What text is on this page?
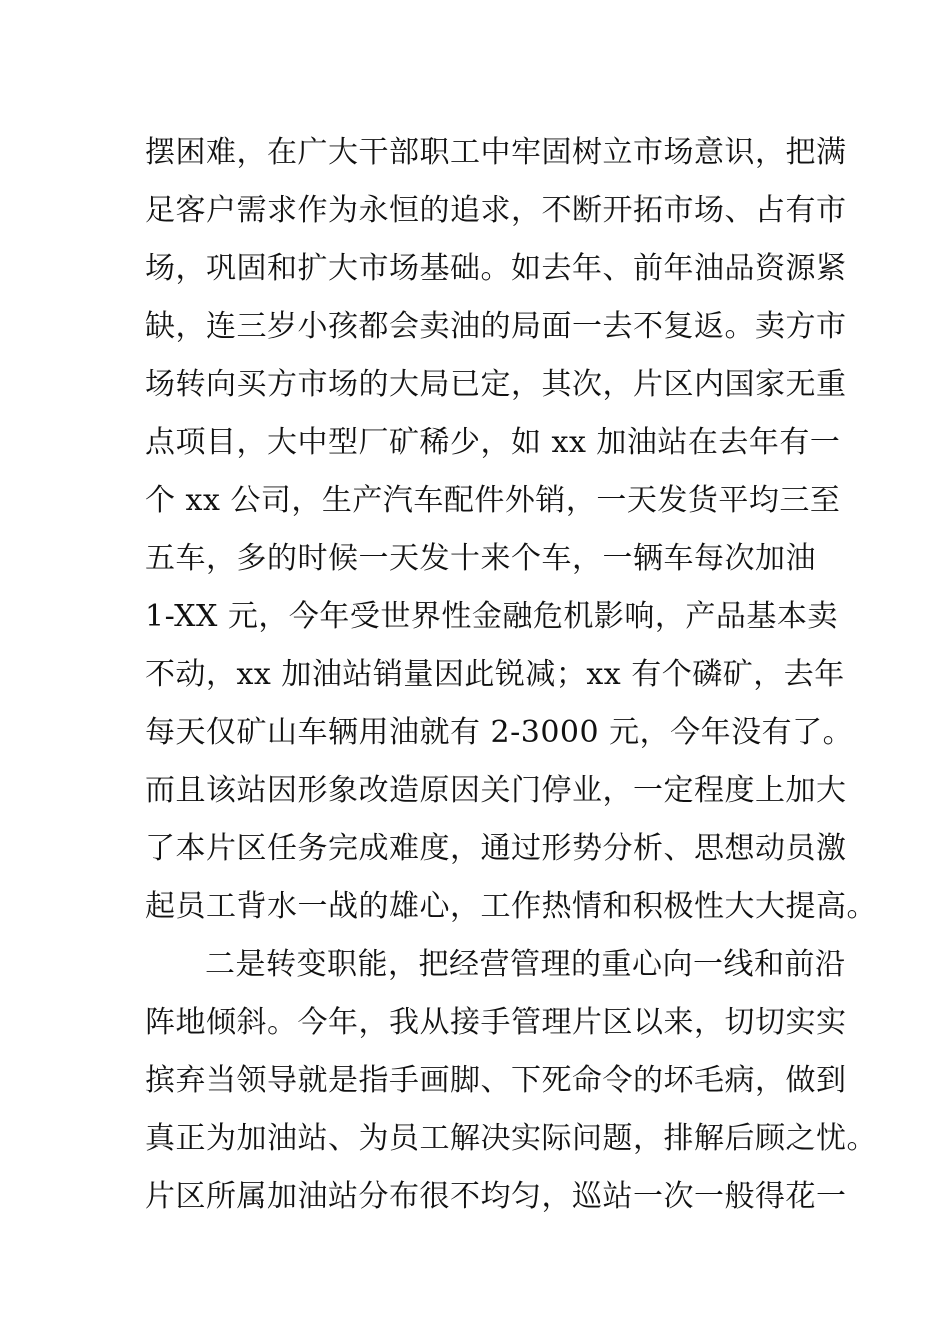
摆困难，在广大干部职工中牢固树立市场意识，把满
足客户需求作为永恒的追求，不断开拓市场、占有市
场，巩固和扩大市场基础。如去年、前年油品资源紧
缺，连三岁小孩都会卖油的局面一去不复返。卖方市
场转向买方市场的大局已定，其次，片区内国家无重
点项目，大中型厂矿稀少，如 xx 加油站在去年有一
个 xx 公司，生产汽车配件外销，一天发货平均三至
五车，多的时候一天发十来个车，一辆车每次加油
1-XX 元，今年受世界性金融危机影响，产品基本卖
不动，xx 加油站销量因此锐减；xx 有个磷矿，去年
每天仅矿山车辆用油就有 2-3000 元，今年没有了。
而且该站因形象改造原因关门停业，一定程度上加大
了本片区任务完成难度，通过形势分析、思想动员激
起员工背水一战的雄心，工作热情和积极性大大提高。
二是转变职能，把经营管理的重心向一线和前沿
阵地倾斜。今年，我从接手管理片区以来，切切实实
摈弃当领导就是指手画脚、下死命令的坏毛病，做到
真正为加油站、为员工解决实际问题，排解后顾之忧。
片区所属加油站分布很不均匀，巡站一次一般得花一
